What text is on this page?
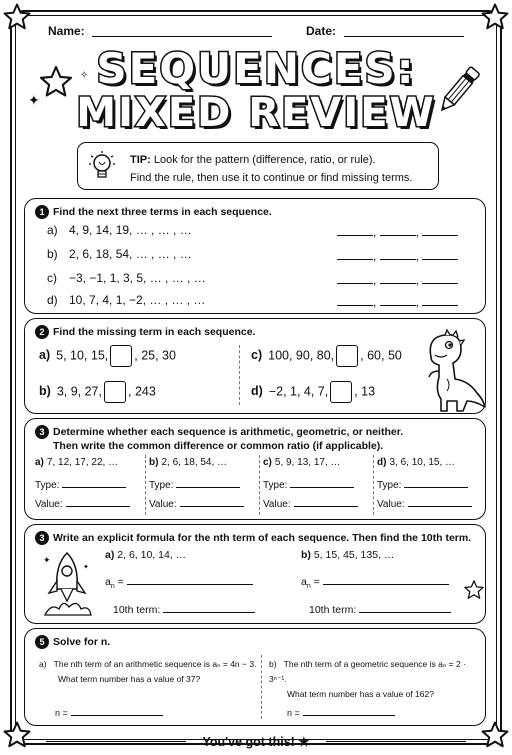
Name:	Date:
SEQUENCES:
MIXED REVIEW
✦
✧
TIP: Look for the pattern (difference, ratio, or rule).
Find the rule, then use it to continue or find missing terms.
1 Find the next three terms in each sequence.
a) 4, 9, 14, 19, … , … , …
b) 2, 6, 18, 54, … , … , …
c) −3, −1, 1, 3, 5, … , … , …
d) 10, 7, 4, 1, −2, … , … , …
,	,
,	,
,	,
,	,
2 Find the missing term in each sequence.
a) 5, 10, 15, , 25, 30	c) 100, 90, 80, , 60, 50
b) 3, 9, 27, , 243	d) −2, 1, 4, 7, , 13
3 Determine whether each sequence is arithmetic, geometric, or neither.
Then write the common difference or common ratio (if applicable).
a) 7, 12, 17, 22, …
Type:
Value:
b) 2, 6, 18, 54, …
Type:
Value:
c) 5, 9, 13, 17, …
Type:
Value:
d) 3, 6, 10, 15, …
Type:
Value:
3 Write an explicit formula for the nth term of each sequence. Then find the 10th term.
✦
✦
a) 2, 6, 10, 14, …
$a_n$ =
10th term:
b) 5, 15, 45, 135, …
$a_n$ =
10th term:
5 Solve for n.
a) The nth term of an arithmetic sequence is aₙ = 4n − 3.
What term number has a value of 37?
n =
b) The nth term of a geometric sequence is aₙ = 2 · 3ⁿ⁻¹.
What term number has a value of 162?
n =
You've got this! ★
